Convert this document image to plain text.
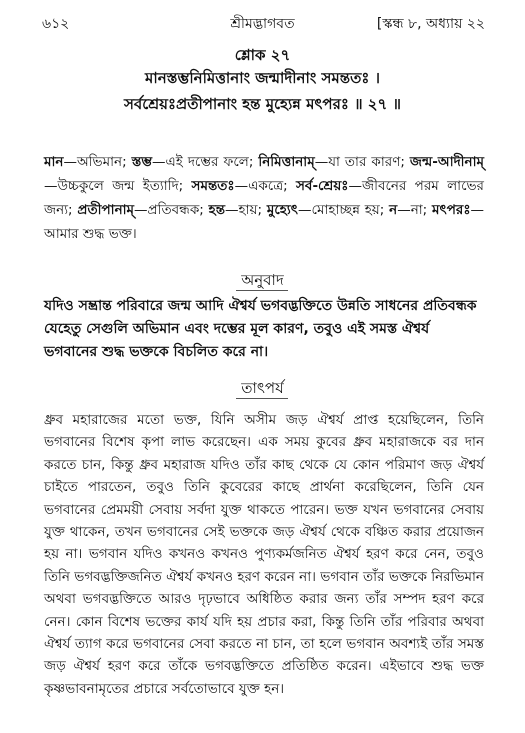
৬১২	শ্রীমদ্ভাগবত	[স্কন্ধ ৮, অধ্যায় ২২
শ্লোক ২৭
মানস্তম্ভনিমিত্তানাং জন্মাদীনাং সমন্ততঃ ।
সর্বশ্রেয়ঃপ্রতীপানাং হন্ত মুহ্যেন্ন মৎপরঃ ॥ ২৭ ॥
মান—অভিমান; স্তম্ভ—এই দম্ভের ফলে; নিমিত্তানাম্—যা তার কারণ; জন্ম-আদীনাম্—উচ্চকুলে জন্ম ইত্যাদি; সমন্ততঃ—একত্রে; সর্ব-শ্রেয়ঃ—জীবনের পরম লাভের জন্য; প্রতীপানাম্—প্রতিবন্ধক; হন্ত—হায়; মুহ্যেৎ—মোহাচ্ছন্ন হয়; ন—না; মৎপরঃ—আমার শুদ্ধ ভক্ত।
অনুবাদ
যদিও সম্ভ্রান্ত পরিবারে জন্ম আদি ঐশ্বর্য ভগবদ্ভক্তিতে উন্নতি সাধনের প্রতিবন্ধক যেহেতু সেগুলি অভিমান এবং দম্ভের মূল কারণ, তবুও এই সমস্ত ঐশ্বর্য ভগবানের শুদ্ধ ভক্তকে বিচলিত করে না।
তাৎপর্য
ধ্রুব মহারাজের মতো ভক্ত, যিনি অসীম জড় ঐশ্বর্য প্রাপ্ত হয়েছিলেন, তিনি ভগবানের বিশেষ কৃপা লাভ করেছেন। এক সময় কুবের ধ্রুব মহারাজকে বর দান করতে চান, কিন্তু ধ্রুব মহারাজ যদিও তাঁর কাছ থেকে যে কোন পরিমাণ জড় ঐশ্বর্য চাইতে পারতেন, তবুও তিনি কুবেরের কাছে প্রার্থনা করেছিলেন, তিনি যেন ভগবানের প্রেমময়ী সেবায় সর্বদা যুক্ত থাকতে পারেন। ভক্ত যখন ভগবানের সেবায় যুক্ত থাকেন, তখন ভগবানের সেই ভক্তকে জড় ঐশ্বর্য থেকে বঞ্চিত করার প্রয়োজন হয় না। ভগবান যদিও কখনও কখনও পুণ্যকর্মজনিত ঐশ্বর্য হরণ করে নেন, তবুও তিনি ভগবদ্ভক্তিজনিত ঐশ্বর্য কখনও হরণ করেন না। ভগবান তাঁর ভক্তকে নিরভিমান অথবা ভগবদ্ভক্তিতে আরও দৃঢ়ভাবে অধিষ্ঠিত করার জন্য তাঁর সম্পদ হরণ করে নেন। কোন বিশেষ ভক্তের কার্য যদি হয় প্রচার করা, কিন্তু তিনি তাঁর পরিবার অথবা ঐশ্বর্য ত্যাগ করে ভগবানের সেবা করতে না চান, তা হলে ভগবান অবশ্যই তাঁর সমস্ত জড় ঐশ্বর্য হরণ করে তাঁকে ভগবদ্ভক্তিতে প্রতিষ্ঠিত করেন। এইভাবে শুদ্ধ ভক্ত কৃষ্ণভাবনামৃতের প্রচারে সর্বতোভাবে যুক্ত হন।
